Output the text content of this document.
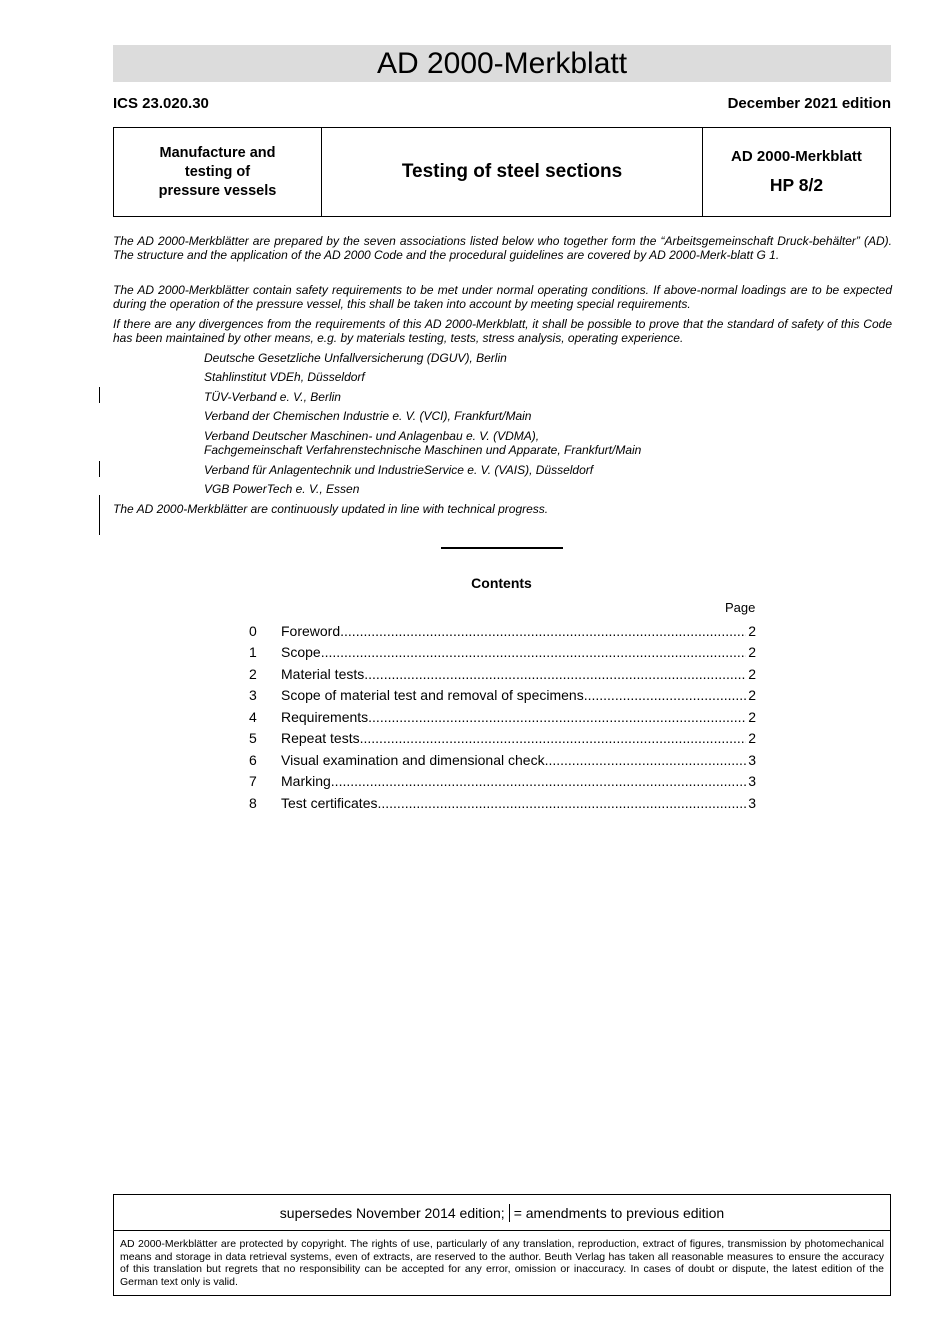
AD 2000-Merkblatt
ICS 23.020.30	December 2021 edition
Manufacture and
testing of
pressure vessels
Testing of steel sections
AD 2000-Merkblatt
HP 8/2

The AD 2000-Merkblätter are prepared by the seven associations listed below who together form the “Arbeitsgemeinschaft Druck-behälter” (AD). The structure and the application of the AD 2000 Code and the procedural guidelines are covered by AD 2000-Merk-blatt G 1.

The AD 2000-Merkblätter contain safety requirements to be met under normal operating conditions. If above-normal loadings are to be expected during the operation of the pressure vessel, this shall be taken into account by meeting special requirements.

If there are any divergences from the requirements of this AD 2000-Merkblatt, it shall be possible to prove that the standard of safety of this Code has been maintained by other means, e.g. by materials testing, tests, stress analysis, operating experience.

Deutsche Gesetzliche Unfallversicherung (DGUV), Berlin

Stahlinstitut VDEh, Düsseldorf

TÜV-Verband e. V., Berlin

Verband der Chemischen Industrie e. V. (VCI), Frankfurt/Main

Verband Deutscher Maschinen- und Anlagenbau e. V. (VDMA),

Fachgemeinschaft Verfahrenstechnische Maschinen und Apparate, Frankfurt/Main

Verband für Anlagentechnik und IndustrieService e. V. (VAIS), Düsseldorf

VGB PowerTech e. V., Essen

The AD 2000-Merkblätter are continuously updated in line with technical progress.

Contents
Page
0	Foreword .....	2
1	Scope .....	2
2	Material tests .....	2
3	Scope of material test and removal of specimens .....	2
4	Requirements .....	2
5	Repeat tests .....	2
6	Visual examination and dimensional check .....	3
7	Marking .....	3
8	Test certificates .....	3
supersedes November 2014 edition; = amendments to previous edition
AD 2000-Merkblätter are protected by copyright. The rights of use, particularly of any translation, reproduction, extract of figures, transmission by photomechanical means and storage in data retrieval systems, even of extracts, are reserved to the author. Beuth Verlag has taken all reasonable measures to ensure the accuracy of this translation but regrets that no responsibility can be accepted for any error, omission or inaccuracy. In cases of doubt or dispute, the latest edition of the German text only is valid.
